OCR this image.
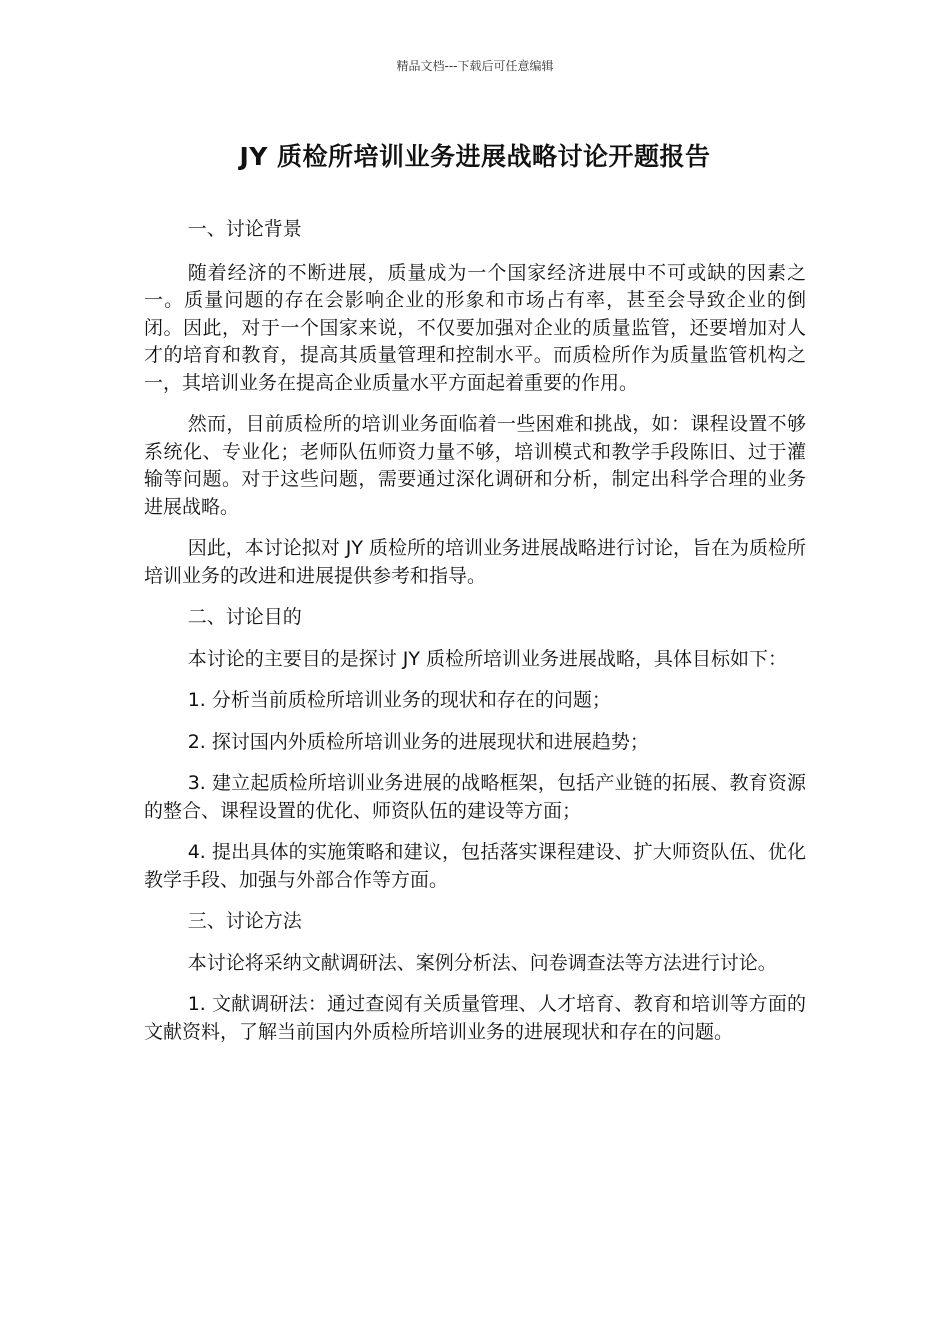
精品文档---下载后可任意编辑
JY 质检所培训业务进展战略讨论开题报告

一、讨论背景

随着经济的不断进展，质量成为一个国家经济进展中不可或缺的因素之一。质量问题的存在会影响企业的形象和市场占有率，甚至会导致企业的倒闭。因此，对于一个国家来说，不仅要加强对企业的质量监管，还要增加对人才的培育和教育，提高其质量管理和控制水平。而质检所作为质量监管机构之一，其培训业务在提高企业质量水平方面起着重要的作用。

然而，目前质检所的培训业务面临着一些困难和挑战，如：课程设置不够系统化、专业化；老师队伍师资力量不够，培训模式和教学手段陈旧、过于灌输等问题。对于这些问题，需要通过深化调研和分析，制定出科学合理的业务进展战略。

因此，本讨论拟对 JY 质检所的培训业务进展战略进行讨论，旨在为质检所培训业务的改进和进展提供参考和指导。

二、讨论目的

本讨论的主要目的是探讨 JY 质检所培训业务进展战略，具体目标如下：

1. 分析当前质检所培训业务的现状和存在的问题；

2. 探讨国内外质检所培训业务的进展现状和进展趋势；

3. 建立起质检所培训业务进展的战略框架，包括产业链的拓展、教育资源的整合、课程设置的优化、师资队伍的建设等方面；

4. 提出具体的实施策略和建议，包括落实课程建设、扩大师资队伍、优化教学手段、加强与外部合作等方面。

三、讨论方法

本讨论将采纳文献调研法、案例分析法、问卷调查法等方法进行讨论。

1. 文献调研法：通过查阅有关质量管理、人才培育、教育和培训等方面的文献资料，了解当前国内外质检所培训业务的进展现状和存在的问题。
